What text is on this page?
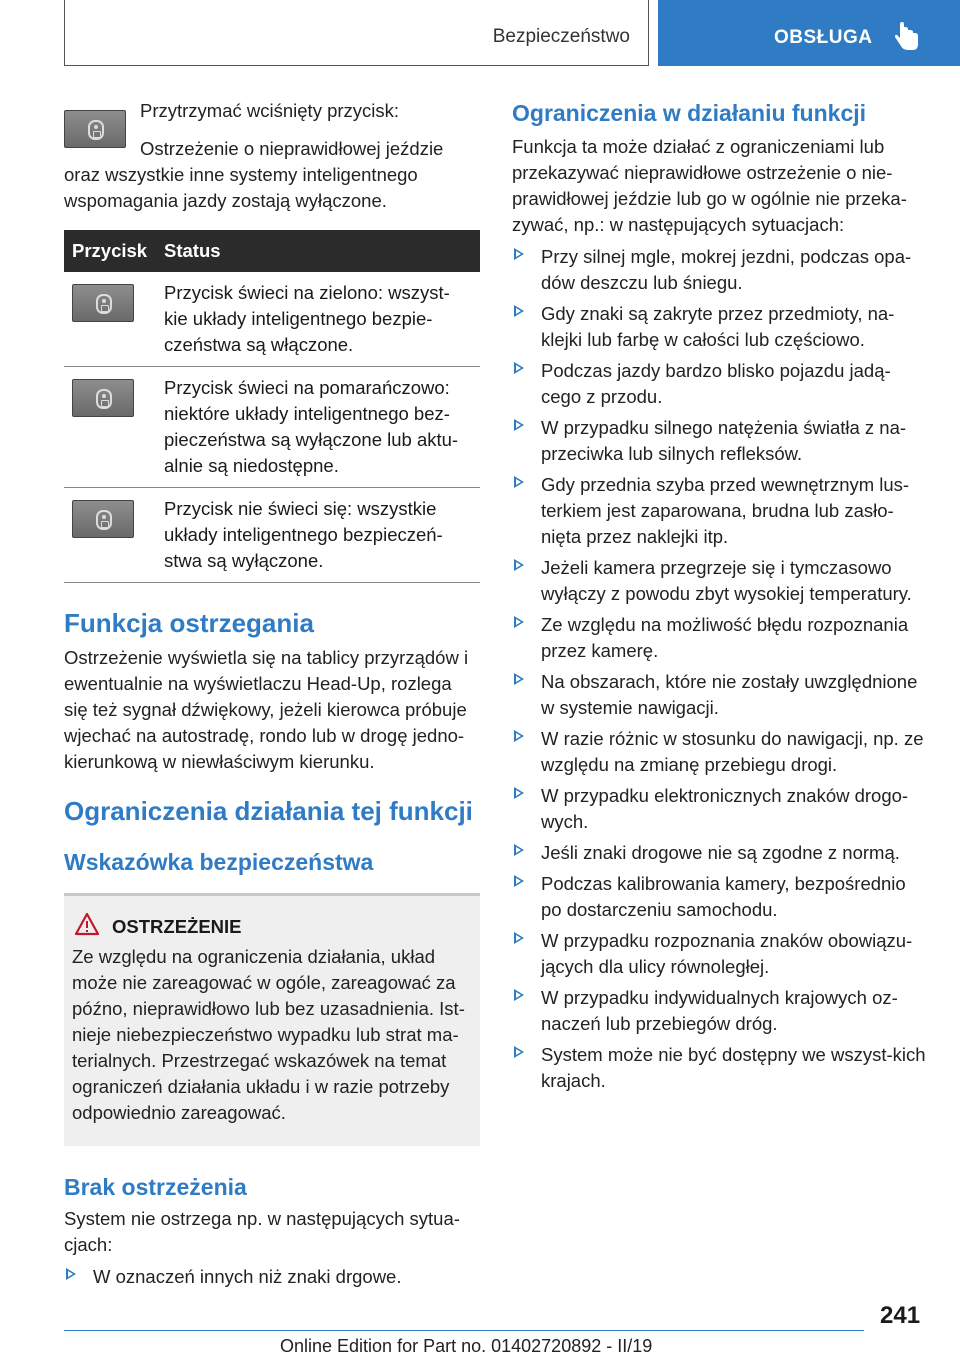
Bezpieczeństwo	OBSŁUGA

Przytrzymać wciśnięty przycisk:

Ostrzeżenie o nieprawidłowej jeździe oraz wszystkie inne systemy inteligentnego wspomagania jazdy zostają wyłączone.

Przycisk	Status

	Przycisk świeci na zielono: wszyst-kie układy inteligentnego bezpie-czeństwa są włączone.

	Przycisk świeci na pomarańczowo: niektóre układy inteligentnego bez-pieczeństwa są wyłączone lub aktu-alnie są niedostępne.

	Przycisk nie świeci się: wszystkie układy inteligentnego bezpieczeń-stwa są wyłączone.
Funkcja ostrzegania

Ostrzeżenie wyświetla się na tablicy przyrządów i ewentualnie na wyświetlaczu Head-Up, rozlega się też sygnał dźwiękowy, jeżeli kierowca próbuje wjechać na autostradę, rondo lub w drogę jedno-kierunkową w niewłaściwym kierunku.

Ograniczenia działania tej funkcji
Wskazówka bezpieczeństwa
OSTRZEŻENIE

Ze względu na ograniczenia działania, układ może nie zareagować w ogóle, zareagować za późno, nieprawidłowo lub bez uzasadnienia. Ist-nieje niebezpieczeństwo wypadku lub strat ma-terialnych. Przestrzegać wskazówek na temat ograniczeń działania układu i w razie potrzeby odpowiednio zareagować.

Brak ostrzeżenia

System nie ostrzega np. w następujących sytua-cjach:

W oznaczeń innych niż znaki drgowe.
Ograniczenia w działaniu funkcji

Funkcja ta może działać z ograniczeniami lub przekazywać nieprawidłowe ostrzeżenie o nie-prawidłowej jeździe lub go w ogólnie nie przeka-zywać, np.: w następujących sytuacjach:

Przy silnej mgle, mokrej jezdni, podczas opa-dów deszczu lub śniegu.
Gdy znaki są zakryte przez przedmioty, na-klejki lub farbę w całości lub częściowo.
Podczas jazdy bardzo blisko pojazdu jadą-cego z przodu.
W przypadku silnego natężenia światła z na-przeciwka lub silnych refleksów.
Gdy przednia szyba przed wewnętrznym lus-terkiem jest zaparowana, brudna lub zasło-nięta przez naklejki itp.
Jeżeli kamera przegrzeje się i tymczasowo wyłączy z powodu zbyt wysokiej temperatury.
Ze względu na możliwość błędu rozpoznania przez kamerę.
Na obszarach, które nie zostały uwzględnione w systemie nawigacji.
W razie różnic w stosunku do nawigacji, np. ze względu na zmianę przebiegu drogi.
W przypadku elektronicznych znaków drogo-wych.
Jeśli znaki drogowe nie są zgodne z normą.
Podczas kalibrowania kamery, bezpośrednio po dostarczeniu samochodu.
W przypadku rozpoznania znaków obowiązu-jących dla ulicy równoległej.
W przypadku indywidualnych krajowych oz-naczeń lub przebiegów dróg.
System może nie być dostępny we wszyst-kich krajach.
241
Online Edition for Part no. 01402720892 - II/19
